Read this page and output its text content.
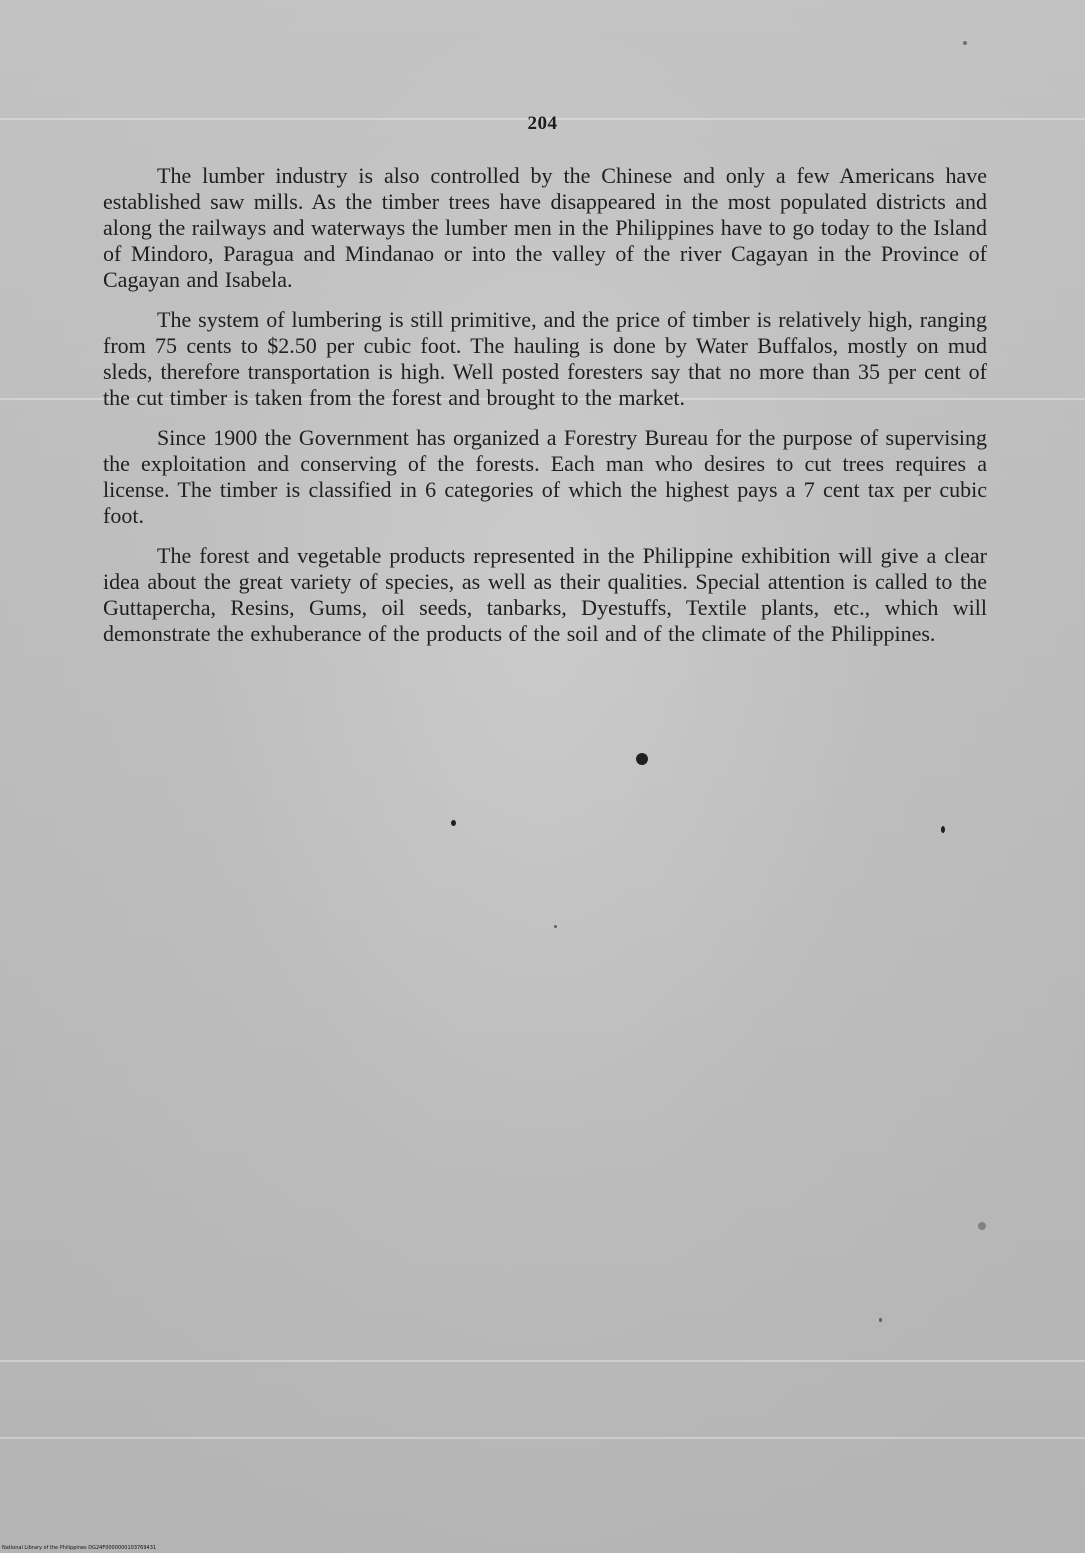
204

The lumber industry is also controlled by the Chinese and only a few Americans have established saw mills. As the timber trees have disappeared in the most populated districts and along the railways and waterways the lumber men in the Philippines have to go today to the Island of Mindoro, Paragua and Mindanao or into the valley of the river Cagayan in the Province of Cagayan and Isabela.

The system of lumbering is still primitive, and the price of timber is relatively high, ranging from 75 cents to $2.50 per cubic foot. The hauling is done by Water Buffalos, mostly on mud sleds, therefore transportation is high. Well posted foresters say that no more than 35 per cent of the cut timber is taken from the forest and brought to the market.

Since 1900 the Government has organized a Forestry Bureau for the purpose of supervising the exploitation and conserving of the forests. Each man who desires to cut trees requires a license. The timber is classified in 6 categories of which the highest pays a 7 cent tax per cubic foot.

The forest and vegetable products represented in the Philippine exhibition will give a clear idea about the great variety of species, as well as their qualities. Special attention is called to the Guttapercha, Resins, Gums, oil seeds, tanbarks, Dyestuffs, Textile plants, etc., which will demonstrate the exhuberance of the products of the soil and of the climate of the Philippines.

National Library of the Philippines DG24F0000000103769431
